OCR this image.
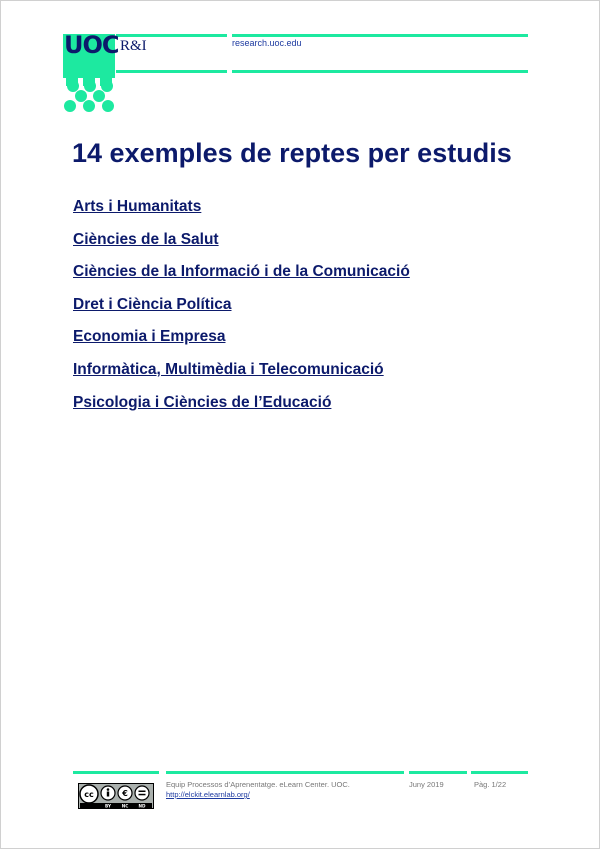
UOC R&I	research.uoc.edu
14 exemples de reptes per estudis
Arts i Humanitats
Ciències de la Salut
Ciències de la Informació i de la Comunicació
Dret i Ciència Política
Economia i Empresa
Informàtica, Multimèdia i Telecomunicació
Psicologia i Ciències de l’Educació
cc	€
BY	NC ND
Equip Processos d’Aprenentatge. eLearn Center. UOC.
http://elckit.elearnlab.org/
Juny 2019	Pàg. 1/22
